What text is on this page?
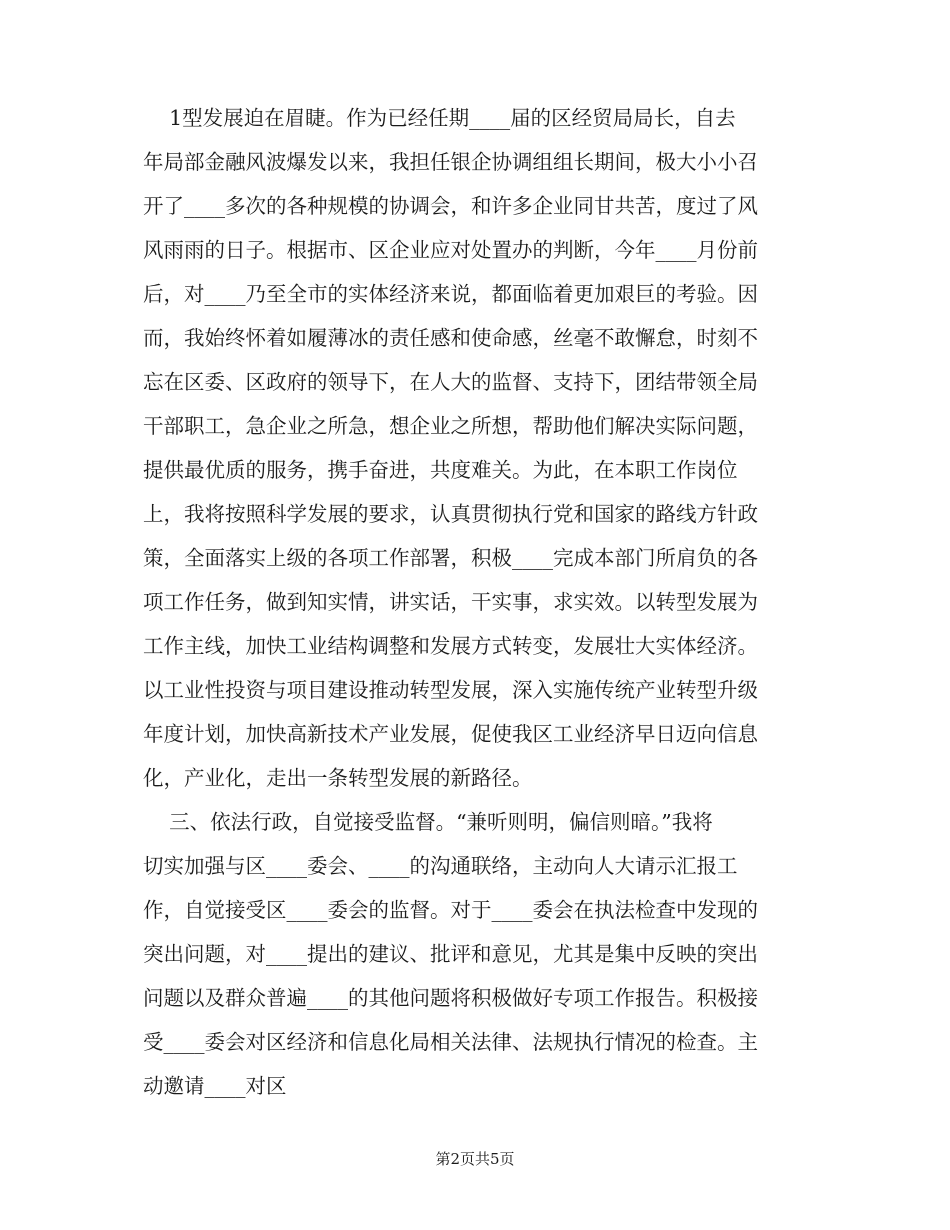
1型发展迫在眉睫。作为已经任期____届的区经贸局局长，自去
年局部金融风波爆发以来，我担任银企协调组组长期间，极大小小召
开了____多次的各种规模的协调会，和许多企业同甘共苦，度过了风
风雨雨的日子。根据市、区企业应对处置办的判断，今年____月份前
后，对____乃至全市的实体经济来说，都面临着更加艰巨的考验。因
而，我始终怀着如履薄冰的责任感和使命感，丝毫不敢懈怠，时刻不
忘在区委、区政府的领导下，在人大的监督、支持下，团结带领全局
干部职工，急企业之所急，想企业之所想，帮助他们解决实际问题，
提供最优质的服务，携手奋进，共度难关。为此，在本职工作岗位
上，我将按照科学发展的要求，认真贯彻执行党和国家的路线方针政
策，全面落实上级的各项工作部署，积极____完成本部门所肩负的各
项工作任务，做到知实情，讲实话，干实事，求实效。以转型发展为
工作主线，加快工业结构调整和发展方式转变，发展壮大实体经济。
以工业性投资与项目建设推动转型发展，深入实施传统产业转型升级
年度计划，加快高新技术产业发展，促使我区工业经济早日迈向信息
化，产业化，走出一条转型发展的新路径。
三、依法行政，自觉接受监督。“兼听则明，偏信则暗。”我将
切实加强与区____委会、____的沟通联络，主动向人大请示汇报工
作，自觉接受区____委会的监督。对于____委会在执法检查中发现的
突出问题，对____提出的建议、批评和意见，尤其是集中反映的突出
问题以及群众普遍____的其他问题将积极做好专项工作报告。积极接
受____委会对区经济和信息化局相关法律、法规执行情况的检查。主
动邀请____对区
第2页共5页
